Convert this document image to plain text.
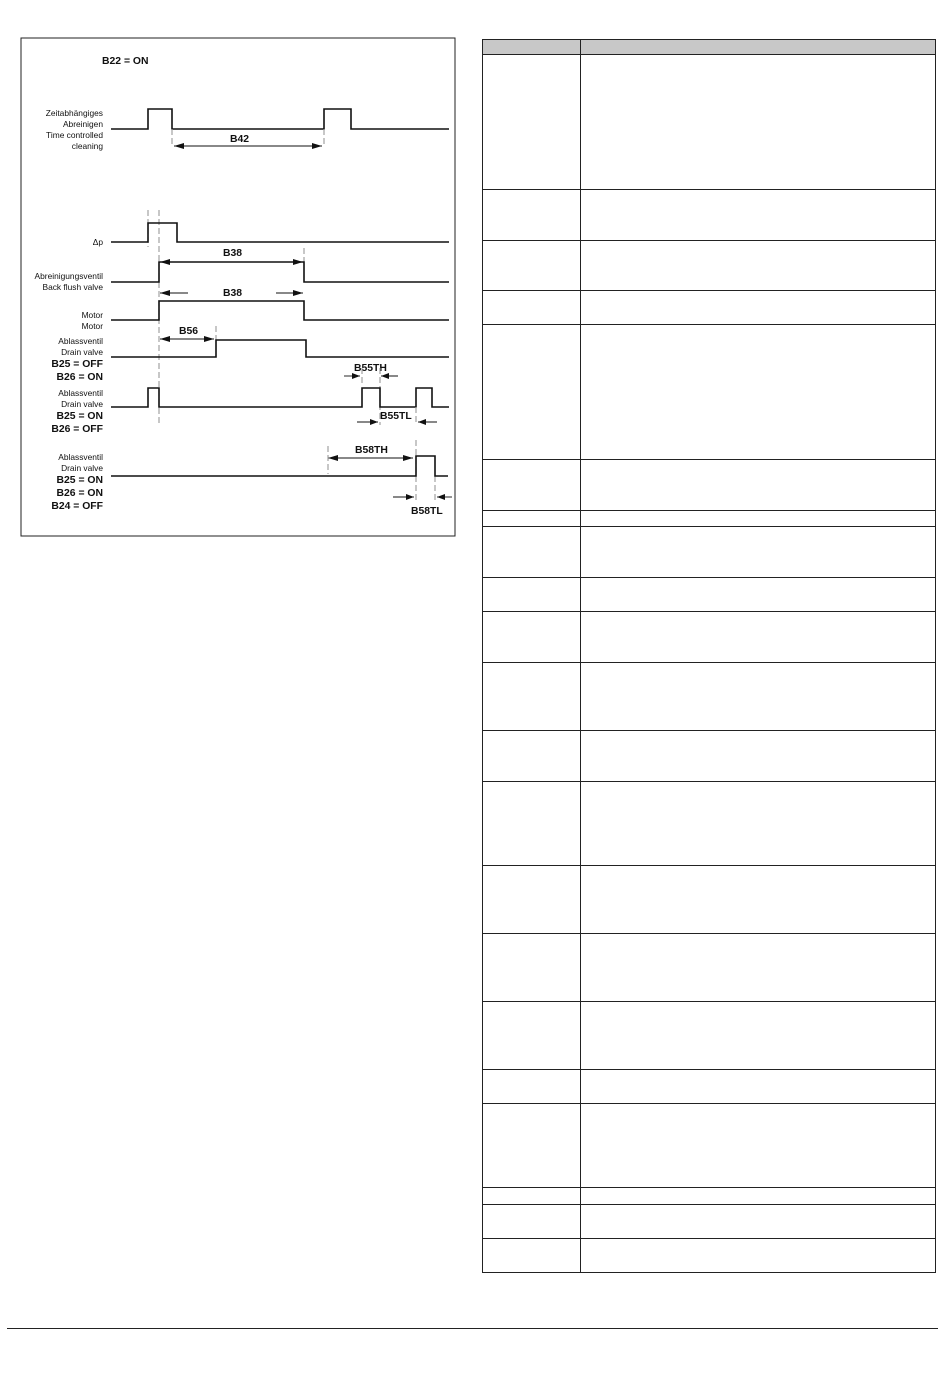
B22 = ON
Zeitabhängiges
Abreinigen
Time controlled
cleaning
B42
Δp
B38
Abreinigungsventil
Back flush valve
B38
Motor
Motor	B56
Ablassventil
Drain valve
B25 = OFF
B26 = ON
B55TH
Ablassventil
Drain valve
B25 = ON
B26 = OFF
B55TL
B58TH
Ablassventil
Drain valve
B25 = ON
B26 = ON
B24 = OFF	B58TL
